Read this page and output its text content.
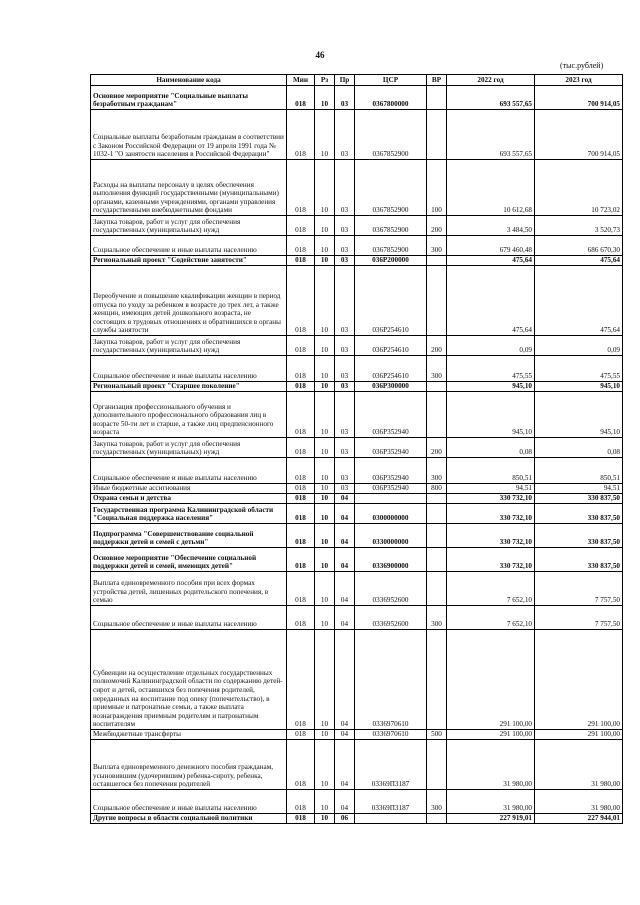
46
(тыс.рублей)
Наименование кода	Мин	Рз	Пр	ЦСР	ВР	2022 год	2023 год
Основное мероприятие "Социальные выплаты безработным гражданам"	018	10	03	0367800000		693 557,65	700 914,05
Социальные выплаты безработным гражданам в соответствии с Законом Российской Федерации от 19 апреля 1991 года № 1032-1 "О занятости населения в Российской Федерации"	018	10	03	0367852900		693 557,65	700 914,05
Расходы на выплаты персоналу в целях обеспечения выполнения функций государственными (муниципальными) органами, казенными учреждениями, органами управления государственными внебюджетными фондами	018	10	03	0367852900	100	10 612,68	10 723,02
Закупка товаров, работ и услуг для обеспечения государственных (муниципальных) нужд	018	10	03	0367852900	200	3 484,50	3 520,73
Социальное обеспечение и иные выплаты населению	018	10	03	0367852900	300	679 460,48	686 670,30
Региональный проект "Содействие занятости"	018	10	03	036P200000		475,64	475,64
Переобучение и повышение квалификации женщин в период отпуска по уходу за ребенком в возрасте до трех лет, а также женщин, имеющих детей дошкольного возраста, не состоящих в трудовых отношениях и обратившихся в органы службы занятости	018	10	03	036P254610		475,64	475,64
Закупка товаров, работ и услуг для обеспечения государственных (муниципальных) нужд	018	10	03	036P254610	200	0,09	0,09
Социальное обеспечение и иные выплаты населению	018	10	03	036P254610	300	475,55	475,55
Региональный проект "Старшее поколение"	018	10	03	036P300000		945,10	945,10
Организация профессионального обучения и дополнительного профессионального образования лиц в возрасте 50-ти лет и старше, а также лиц предпенсионного возраста	018	10	03	036P352940		945,10	945,10
Закупка товаров, работ и услуг для обеспечения государственных (муниципальных) нужд	018	10	03	036P352940	200	0,08	0,08
Социальное обеспечение и иные выплаты населению	018	10	03	036P352940	300	850,51	850,51
Иные бюджетные ассигнования	018	10	03	036P352940	800	94,51	94,51
Охрана семьи и детства	018	10	04			330 732,10	330 837,50
Государственная программа Калининградской области "Социальная поддержка населения"	018	10	04	0300000000		330 732,10	330 837,50
Подпрограмма "Совершенствование социальной поддержки детей и семей с детьми"	018	10	04	0330000000		330 732,10	330 837,50
Основное мероприятие "Обеспечение социальной поддержки детей и семей, имеющих детей"	018	10	04	0336900000		330 732,10	330 837,50
Выплата единовременного пособия при всех формах устройства детей, лишенных родительского попечения, в семью	018	10	04	0336952600		7 652,10	7 757,50
Социальное обеспечение и иные выплаты населению	018	10	04	0336952600	300	7 652,10	7 757,50
Субвенции на осуществление отдельных государственных полномочий Калининградской области по содержанию детей-сирот и детей, оставшихся без попечения родителей, переданных на воспитание под опеку (попечительство), в приемные и патронатные семьи, а также выплата вознаграждения приемным родителям и патронатным воспитателям	018	10	04	0336970610		291 100,00	291 100,00
Межбюджетные трансферты	018	10	04	0336970610	500	291 100,00	291 100,00
Выплата единовременного денежного пособия гражданам, усыновившим (удочерившим) ребенка-сироту, ребенка, оставшегося без попечения родителей	018	10	04	03369П3187		31 980,00	31 980,00
Социальное обеспечение и иные выплаты населению	018	10	04	03369П3187	300	31 980,00	31 980,00
Другие вопросы в области социальной политики	018	10	06			227 919,01	227 944,01
